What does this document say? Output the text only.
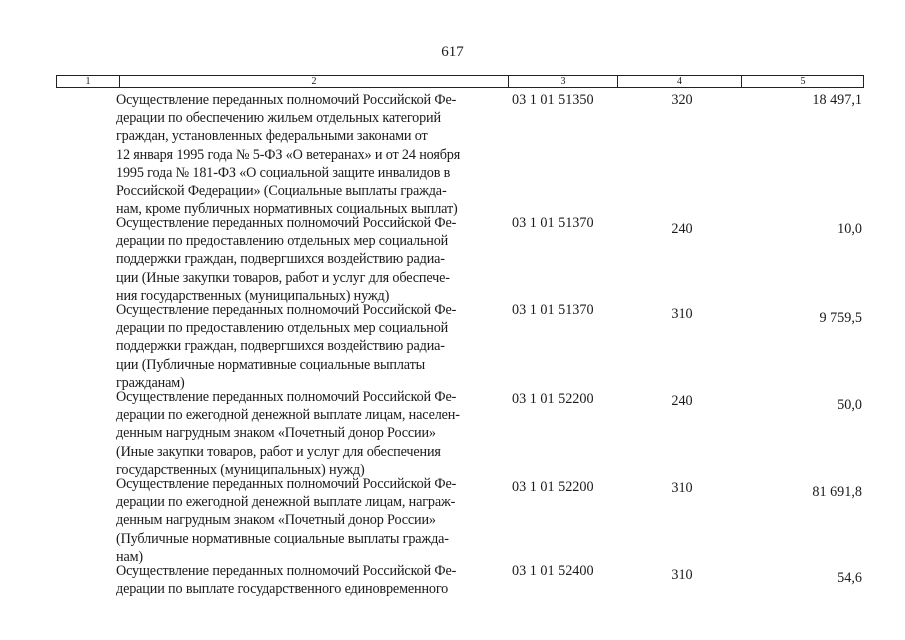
617
1	2	3	4	5
Осуществление переданных полномочий Российской Фе-
дерации по обеспечению жильем отдельных категорий
граждан, установленных федеральными законами от
12 января 1995 года № 5-ФЗ «О ветеранах» и от 24 ноября
1995 года № 181-ФЗ «О социальной защите инвалидов в
Российской Федерации» (Социальные выплаты гражда-
нам, кроме публичных нормативных социальных выплат)
03 1 01 51350	320	18 497,1
Осуществление переданных полномочий Российской Фе-
дерации по предоставлению отдельных мер социальной
поддержки граждан, подвергшихся воздействию радиа-
ции (Иные закупки товаров, работ и услуг для обеспече-
ния государственных (муниципальных) нужд)
03 1 01 51370	240	10,0
Осуществление переданных полномочий Российской Фе-
дерации по предоставлению отдельных мер социальной
поддержки граждан, подвергшихся воздействию радиа-
ции (Публичные нормативные социальные выплаты
гражданам)
03 1 01 51370	310	9 759,5
Осуществление переданных полномочий Российской Фе-
дерации по ежегодной денежной выплате лицам, населен-
денным нагрудным знаком «Почетный донор России»
(Иные закупки товаров, работ и услуг для обеспечения
государственных (муниципальных) нужд)
03 1 01 52200	240	50,0
Осуществление переданных полномочий Российской Фе-
дерации по ежегодной денежной выплате лицам, награж-
денным нагрудным знаком «Почетный донор России»
(Публичные нормативные социальные выплаты гражда-
нам)
03 1 01 52200	310	81 691,8
Осуществление переданных полномочий Российской Фе-
дерации по выплате государственного единовременного
03 1 01 52400	310	54,6
